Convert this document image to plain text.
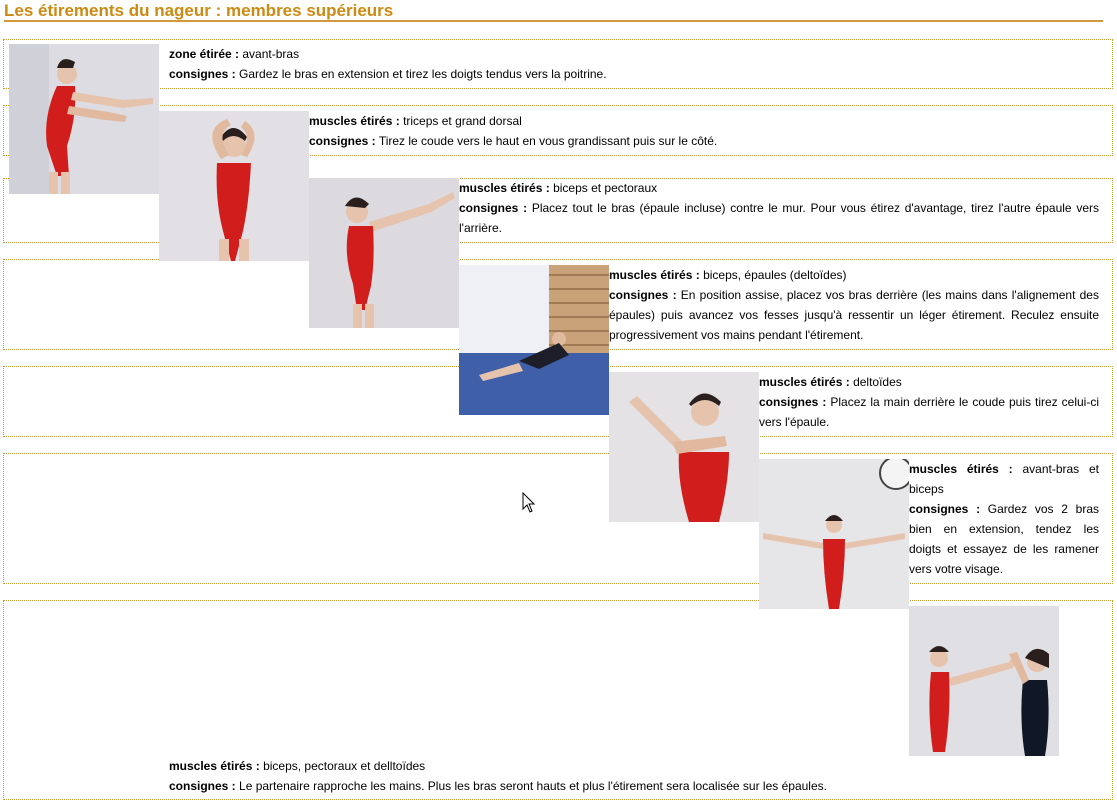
Les étirements du nageur : membres supérieurs
zone étirée : avant-bras
consignes : Gardez le bras en extension et tirez les doigts tendus vers la poitrine.
muscles étirés : triceps et grand dorsal
consignes : Tirez le coude vers le haut en vous grandissant puis sur le côté.
muscles étirés : biceps et pectoraux
consignes : Placez tout le bras (épaule incluse) contre le mur. Pour vous étirez d'avantage, tirez l'autre épaule vers l'arrière.
muscles étirés : biceps, épaules (deltoïdes)
consignes : En position assise, placez vos bras derrière (les mains dans l'alignement des épaules) puis avancez vos fesses jusqu'à ressentir un léger étirement. Reculez ensuite progressivement vos mains pendant l'étirement.
muscles étirés : deltoïdes
consignes : Placez la main derrière le coude puis tirez celui-ci vers l'épaule.
muscles étirés : avant-bras et biceps
consignes : Gardez vos 2 bras bien en extension, tendez les doigts et essayez de les ramener vers votre visage.
muscles étirés : biceps, pectoraux et delltoïdes
consignes : Le partenaire rapproche les mains. Plus les bras seront hauts et plus l'étirement sera localisée sur les épaules.
